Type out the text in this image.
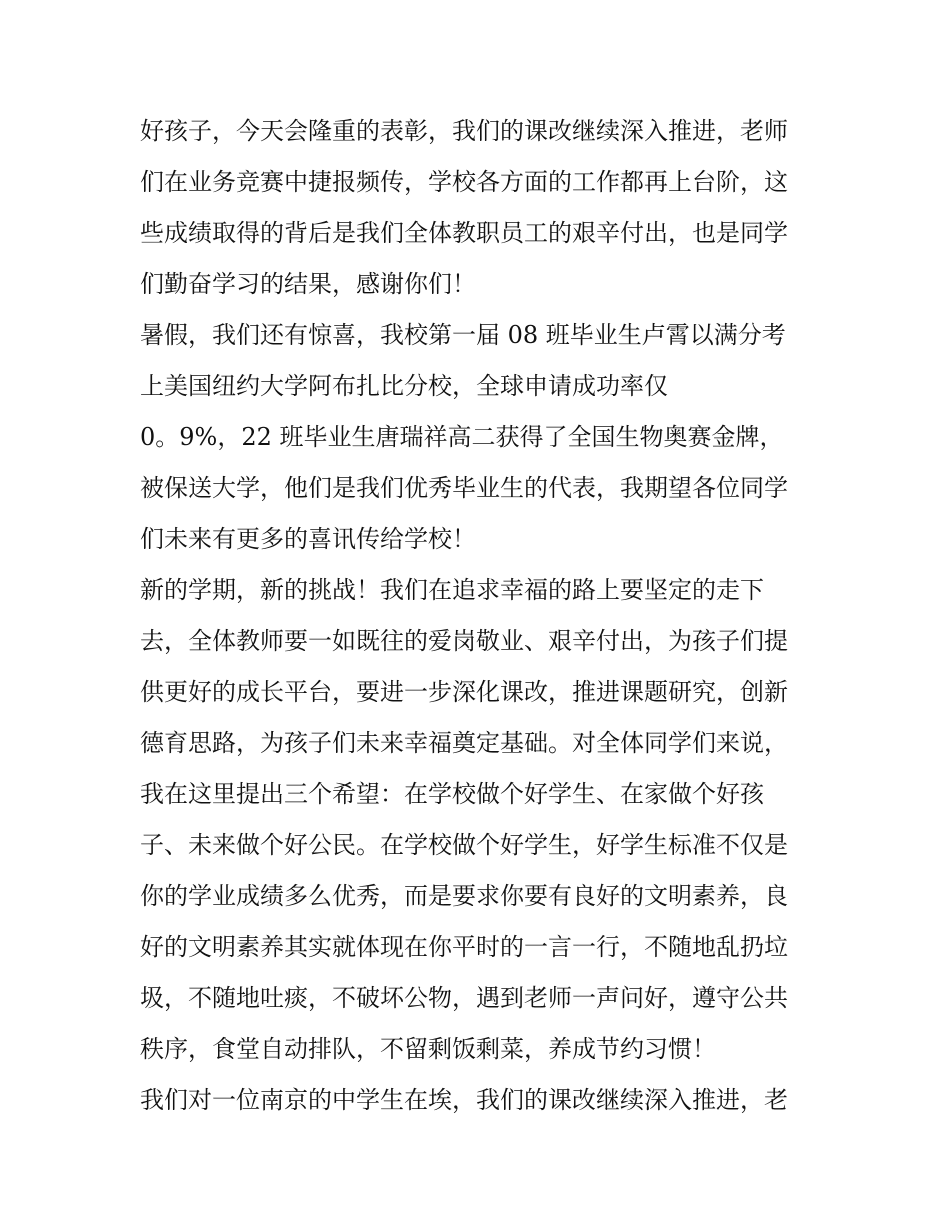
好孩子，今天会隆重的表彰，我们的课改继续深入推进，老师
们在业务竞赛中捷报频传，学校各方面的工作都再上台阶，这
些成绩取得的背后是我们全体教职员工的艰辛付出，也是同学
们勤奋学习的结果，感谢你们！
暑假，我们还有惊喜，我校第一届 08 班毕业生卢霄以满分考
上美国纽约大学阿布扎比分校，全球申请成功率仅
0。9%，22 班毕业生唐瑞祥高二获得了全国生物奥赛金牌，
被保送大学，他们是我们优秀毕业生的代表，我期望各位同学
们未来有更多的喜讯传给学校！
新的学期，新的挑战！我们在追求幸福的路上要坚定的走下
去，全体教师要一如既往的爱岗敬业、艰辛付出，为孩子们提
供更好的成长平台，要进一步深化课改，推进课题研究，创新
德育思路，为孩子们未来幸福奠定基础。对全体同学们来说，
我在这里提出三个希望：在学校做个好学生、在家做个好孩
子、未来做个好公民。在学校做个好学生，好学生标准不仅是
你的学业成绩多么优秀，而是要求你要有良好的文明素养，良
好的文明素养其实就体现在你平时的一言一行，不随地乱扔垃
圾，不随地吐痰，不破坏公物，遇到老师一声问好，遵守公共
秩序，食堂自动排队，不留剩饭剩菜，养成节约习惯！
我们对一位南京的中学生在埃，我们的课改继续深入推进，老
